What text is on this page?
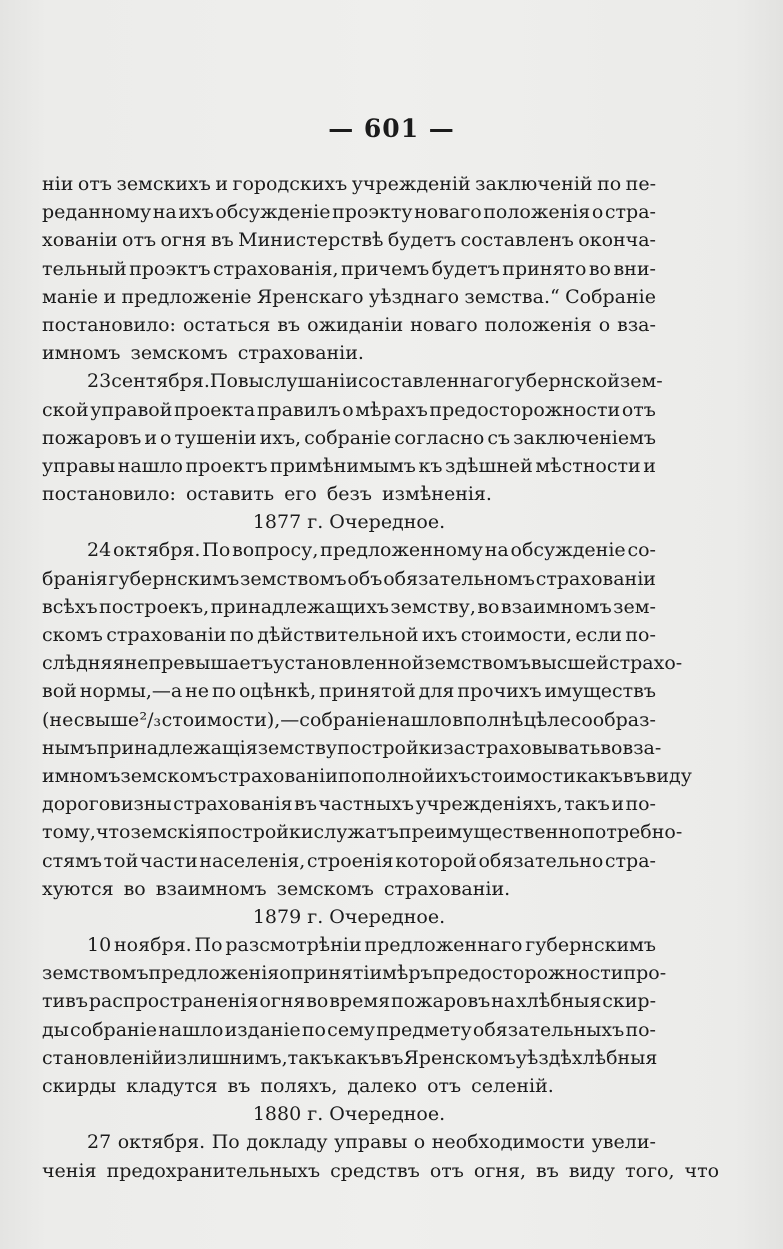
— 601 —
нiи отъ земскихъ и городскихъ учрежденiй заключенiй по пе-
реданному на ихъ обсужденiе проэкту новаго положенiя о стра-
хованiи отъ огня въ Министерствѣ будетъ составленъ оконча-
тельный проэктъ страхованiя, причемъ будетъ принято во вни-
манiе и предложенiе Яренскаго уѣзднаго земства.“ Собранiе
постановило: остаться въ ожиданiи новаго положенiя о вза-
имномъ земскомъ страхованiи.
23 сентября. По выслушанiи составленнаго губернской зем-
ской управой проекта правилъ о мѣрахъ предосторожности отъ
пожаровъ и о тушенiи ихъ, собранiе согласно съ заключенiемъ
управы нашло проектъ примѣнимымъ къ здѣшней мѣстности и
постановило: оставить его безъ измѣненiя.
1877 г. Очередное.
24 октября. По вопросу, предложенному на обсужденiе со-
бранiя губернскимъ земствомъ объ обязательномъ страхованiи
всѣхъ построекъ, принадлежащихъ земству, во взаимномъ зем-
скомъ страхованiи по дѣйствительной ихъ стоимости, если по-
слѣдняя не превышаетъ установленной земствомъ высшей страхо-
вой нормы,—а не по оцѣнкѣ, принятой для прочихъ имуществъ
(не свыше ²/₃ стоимости),—собранiе нашло вполнѣ цѣлесообраз-
нымъ принадлежащiя земству постройки застраховывать во вза-
имномъ земскомъ страхованiи по полной ихъ стоимости какъ въ виду
дороговизны страхованiя въ частныхъ учрежденiяхъ, такъ и по-
тому, что земскiя постройки служатъ преимущественно потребно-
стямъ той части населенiя, строенiя которой обязательно стра-
хуются во взаимномъ земскомъ страхованiи.
1879 г. Очередное.
10 ноября. По разсмотрѣнiи предложеннаго губернскимъ
земствомъ предложенiя о принятiи мѣръ предосторожности про-
тивъ распространенiя огня во время пожаровъ на хлѣбныя скир-
ды собранiе нашло изданiе по сему предмету обязательныхъ по-
становленiй излишнимъ, такъ какъ въ Яренскомъ уѣздѣ хлѣбныя
скирды кладутся въ поляхъ, далеко отъ селенiй.
1880 г. Очередное.
27 октября. По докладу управы о необходимости увели-
ченiя предохранительныхъ средствъ отъ огня, въ виду того, что
